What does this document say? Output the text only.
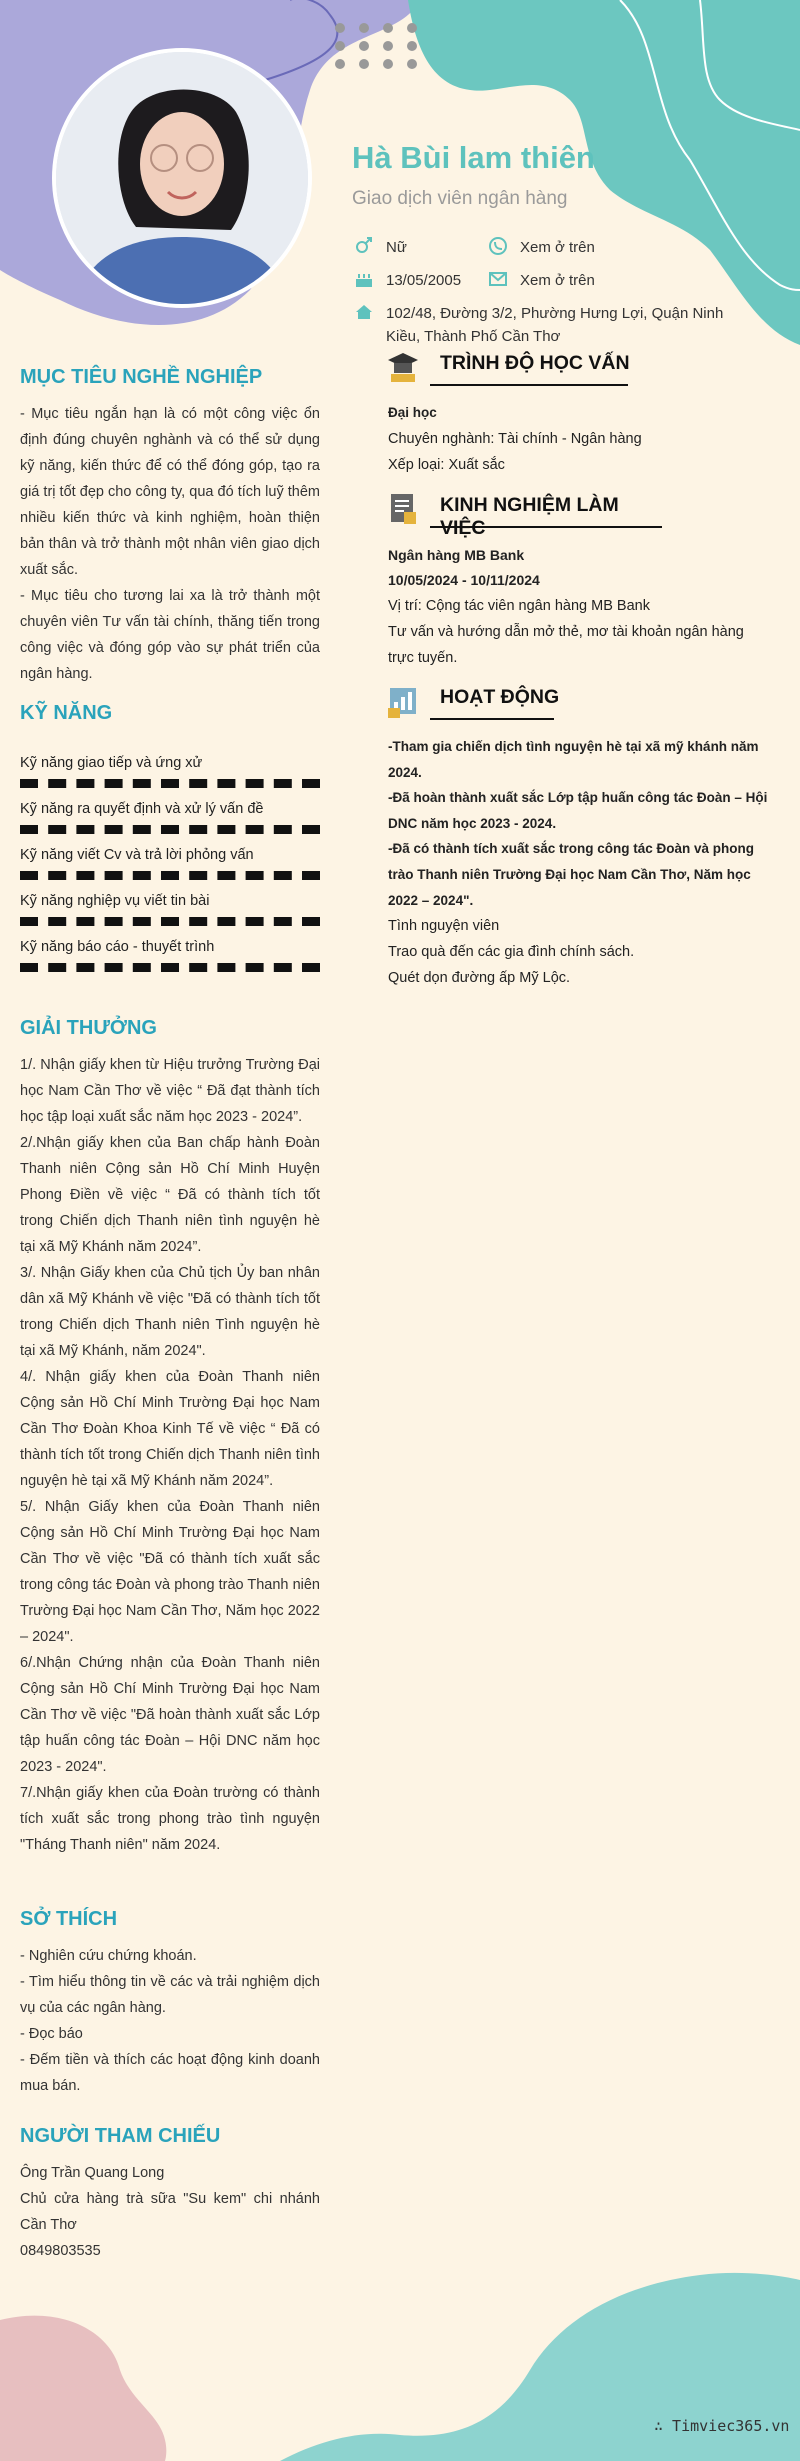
Hà Bùi lam thiên
Giao dịch viên ngân hàng
Nữ	Xem ở trên
13/05/2005	Xem ở trên
102/48, Đường 3/2, Phường Hưng Lợi, Quận Ninh Kiều, Thành Phố Cần Thơ
MỤC TIÊU NGHỀ NGHIỆP
- Mục tiêu ngắn hạn là có một công việc ổn định đúng chuyên nghành và có thể sử dụng kỹ năng, kiến thức để có thể đóng góp, tạo ra giá trị tốt đẹp cho công ty, qua đó tích luỹ thêm nhiều kiến thức và kinh nghiệm, hoàn thiện bản thân và trở thành một nhân viên giao dịch xuất sắc.
- Mục tiêu cho tương lai xa là trở thành một chuyên viên Tư vấn tài chính, thăng tiến trong công việc và đóng góp vào sự phát triển của ngân hàng.
KỸ NĂNG
Kỹ năng giao tiếp và ứng xử
Kỹ năng ra quyết định và xử lý vấn đề
Kỹ năng viết Cv và trả lời phỏng vấn
Kỹ năng nghiệp vụ viết tin bài
Kỹ năng báo cáo - thuyết trình
GIẢI THƯỞNG
1/. Nhận giấy khen từ Hiệu trưởng Trường Đại học Nam Cần Thơ về việc “ Đã đạt thành tích học tập loại xuất sắc năm học 2023 - 2024”.
2/.Nhận giấy khen của Ban chấp hành Đoàn Thanh niên Cộng sản Hồ Chí Minh Huyện Phong Điền về việc “ Đã có thành tích tốt trong Chiến dịch Thanh niên tình nguyện hè tại xã Mỹ Khánh năm 2024”.
3/. Nhận Giấy khen của Chủ tịch Ủy ban nhân dân xã Mỹ Khánh về việc "Đã có thành tích tốt trong Chiến dịch Thanh niên Tình nguyện hè tại xã Mỹ Khánh, năm 2024".
4/. Nhận giấy khen của Đoàn Thanh niên Cộng sản Hồ Chí Minh Trường Đại học Nam Cần Thơ Đoàn Khoa Kinh Tế về việc “ Đã có thành tích tốt trong Chiến dịch Thanh niên tình nguyện hè tại xã Mỹ Khánh năm 2024”.
5/. Nhận Giấy khen của Đoàn Thanh niên Cộng sản Hồ Chí Minh Trường Đại học Nam Cần Thơ về việc "Đã có thành tích xuất sắc trong công tác Đoàn và phong trào Thanh niên Trường Đại học Nam Cần Thơ, Năm học 2022 – 2024".
6/.Nhận Chứng nhận của Đoàn Thanh niên Cộng sản Hồ Chí Minh Trường Đại học Nam Cần Thơ về việc "Đã hoàn thành xuất sắc Lớp tập huấn công tác Đoàn – Hội DNC năm học 2023 - 2024".
7/.Nhận giấy khen của Đoàn trường có thành tích xuất sắc trong phong trào tình nguyện "Tháng Thanh niên" năm 2024.
SỞ THÍCH
- Nghiên cứu chứng khoán.
- Tìm hiểu thông tin về các và trải nghiệm dịch vụ của các ngân hàng.
- Đọc báo
- Đếm tiền và thích các hoạt động kinh doanh mua bán.
NGƯỜI THAM CHIẾU
Ông Trần Quang Long
Chủ cửa hàng trà sữa "Su kem" chi nhánh Cần Thơ
0849803535
TRÌNH ĐỘ HỌC VẤN
Đại học
Chuyên nghành: Tài chính - Ngân hàng
Xếp loại: Xuất sắc
KINH NGHIỆM LÀM VIỆC
Ngân hàng MB Bank
10/05/2024 - 10/11/2024
Vị trí: Cộng tác viên ngân hàng MB Bank
Tư vấn và hướng dẫn mở thẻ, mơ tài khoản ngân hàng trực tuyến.
HOẠT ĐỘNG
-Tham gia chiến dịch tình nguyện hè tại xã mỹ khánh năm 2024.
-Đã hoàn thành xuất sắc Lớp tập huấn công tác Đoàn – Hội DNC năm học 2023 - 2024.
-Đã có thành tích xuất sắc trong công tác Đoàn và phong trào Thanh niên Trường Đại học Nam Cần Thơ, Năm học 2022 – 2024".
Tình nguyện viên
Trao quà đến các gia đình chính sách.
Quét dọn đường ấp Mỹ Lộc.
∴ Timviec365.vn
